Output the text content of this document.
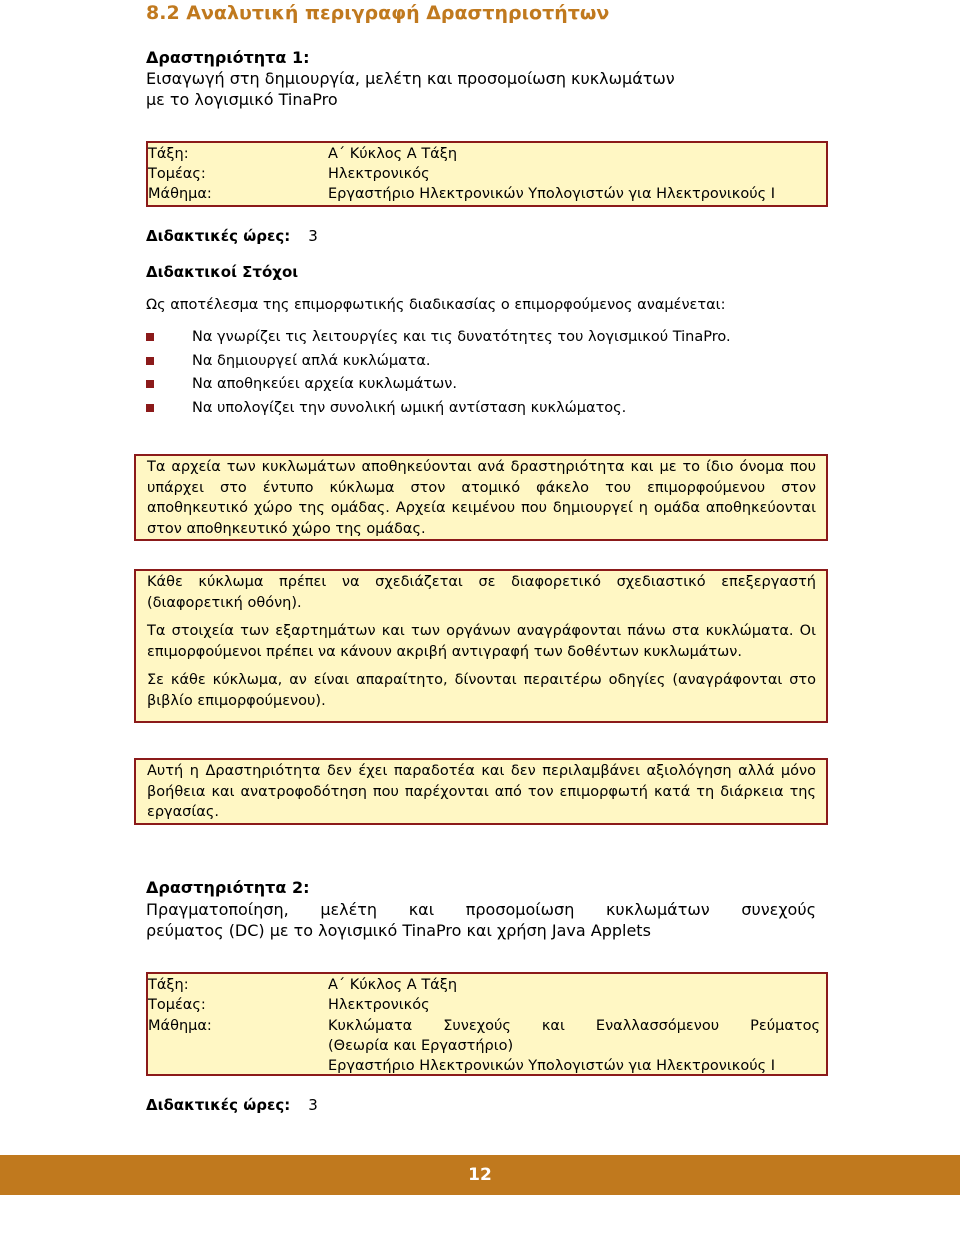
8.2 Αναλυτική περιγραφή Δραστηριοτήτων
Δραστηριότητα 1:
Εισαγωγή στη δημιουργία, μελέτη και προσομοίωση κυκλωμάτων
με το λογισμικό TinaPro
Τάξη:	Α΄ Κύκλος Α Τάξη
Τομέας:	Ηλεκτρονικός
Μάθημα:	Εργαστήριο Ηλεκτρονικών Υπολογιστών για Ηλεκτρονικούς Ι
Διδακτικές ώρες: 3
Διδακτικοί Στόχοι
Ως αποτέλεσμα της επιμορφωτικής διαδικασίας ο επιμορφούμενος αναμένεται:
Να γνωρίζει τις λειτουργίες και τις δυνατότητες του λογισμικού TinaPro.
Να δημιουργεί απλά κυκλώματα.
Να αποθηκεύει αρχεία κυκλωμάτων.
Να υπολογίζει την συνολική ωμική αντίσταση κυκλώματος.

Τα αρχεία των κυκλωμάτων αποθηκεύονται ανά δραστηριότητα και με το ίδιο όνομα που υπάρχει στο έντυπο κύκλωμα στον ατομικό φάκελο του επιμορφούμενου στον αποθηκευτικό χώρο της ομάδας. Αρχεία κειμένου που δημιουργεί η ομάδα αποθηκεύονται στον αποθηκευτικό χώρο της ομάδας.

Κάθε κύκλωμα πρέπει να σχεδιάζεται σε διαφορετικό σχεδιαστικό επεξεργαστή (διαφορετική οθόνη).

Τα στοιχεία των εξαρτημάτων και των οργάνων αναγράφονται πάνω στα κυκλώματα. Οι επιμορφούμενοι πρέπει να κάνουν ακριβή αντιγραφή των δοθέντων κυκλωμάτων.

Σε κάθε κύκλωμα, αν είναι απαραίτητο, δίνονται περαιτέρω οδηγίες (αναγράφονται στο βιβλίο επιμορφούμενου).

Αυτή η Δραστηριότητα δεν έχει παραδοτέα και δεν περιλαμβάνει αξιολόγηση αλλά μόνο βοήθεια και ανατροφοδότηση που παρέχονται από τον επιμορφωτή κατά τη διάρκεια της εργασίας.

Δραστηριότητα 2:
Πραγματοποίηση, μελέτη και προσομοίωση κυκλωμάτων συνεχούς
ρεύματος (DC) με το λογισμικό TinaPro και χρήση Java Applets
Τάξη:	Α΄ Κύκλος Α Τάξη
Τομέας:	Ηλεκτρονικός
Μάθημα:	Κυκλώματα Συνεχούς και Εναλλασσόμενου Ρεύματος
(Θεωρία και Εργαστήριο)
Εργαστήριο Ηλεκτρονικών Υπολογιστών για Ηλεκτρονικούς Ι
Διδακτικές ώρες: 3
12
